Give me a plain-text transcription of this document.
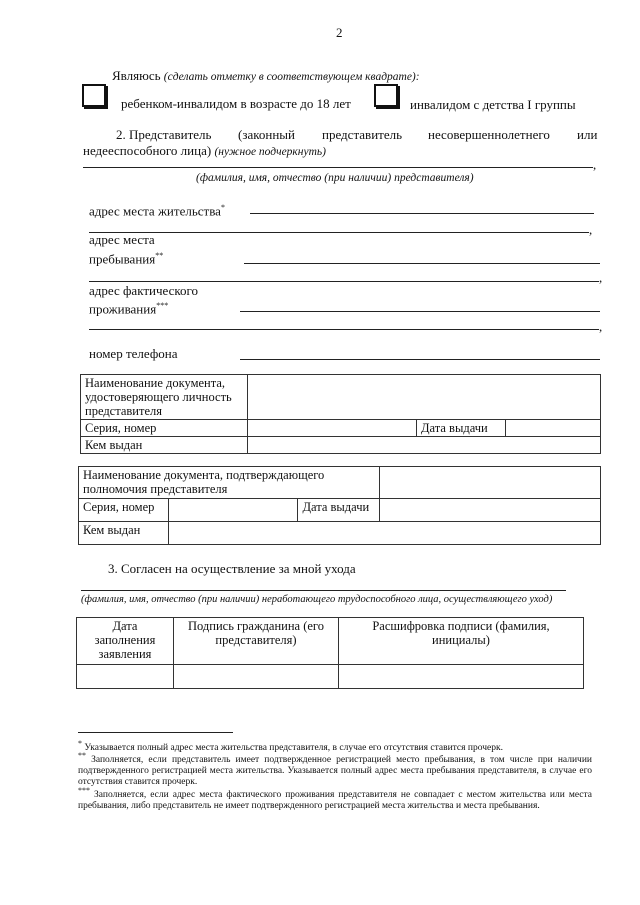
2
Являюсь (сделать отметку в соответствующем квадрате):
ребенком-инвалидом в возрасте до 18 лет	инвалидом с детства I группы
2. Представитель (законный представитель несовершеннолетнего или
недееспособного лица) (нужное подчеркнуть)
,
(фамилия, имя, отчество (при наличии) представителя)
адрес места жительства*
,
адрес места
пребывания**
,
адрес фактического
проживания***
,
номер телефона
Наименование документа, удостоверяющего личность представителя	
Серия, номер			Дата выдачи	

Кем выдан	
Наименование документа, подтверждающего полномочия представителя			
Серия, номер		Дата выдачи	
Кем выдан			
3. Согласен на осуществление за мной ухода
(фамилия, имя, отчество (при наличии) неработающего трудоспособного лица, осуществляющего уход)
Дата заполнения заявления	Подпись гражданина (его представителя)	Расшифровка подписи (фамилия, инициалы)

* Указывается полный адрес места жительства представителя, в случае его отсутствия ставится прочерк.
** Заполняется, если представитель имеет подтвержденное регистрацией место пребывания, в том числе при наличии подтвержденного регистрацией места жительства. Указывается полный адрес места пребывания представителя, в случае его отсутствия ставится прочерк.
*** Заполняется, если адрес места фактического проживания представителя не совпадает с местом жительства или места пребывания, либо представитель не имеет подтвержденного регистрацией места жительства и места пребывания.
